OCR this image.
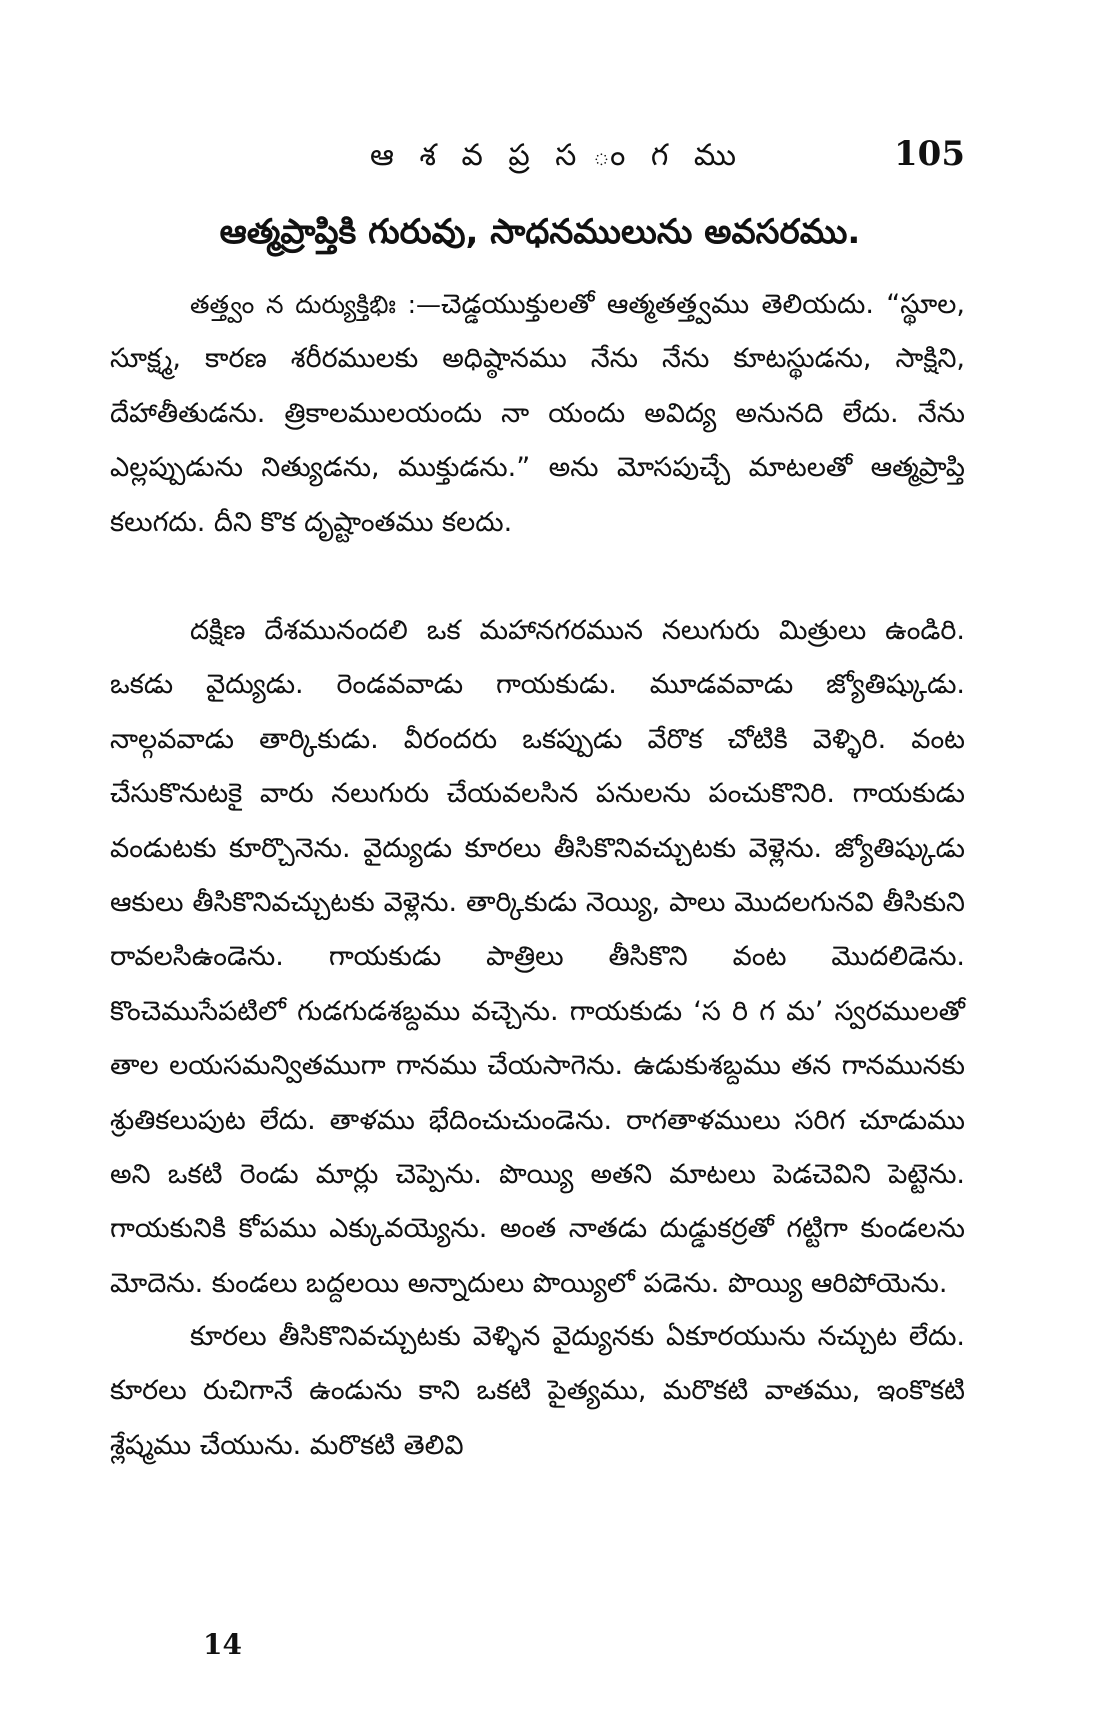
ఆ శ వ ప్ర స ం గ ము	105
ఆత్మప్రాప్తికి గురువు, సాధనములును అవసరము.

తత్త్వం న దుర్యుక్తిభిః :—చెడ్డయుక్తులతో ఆత్మతత్త్వము తెలియదు. “స్థూల, సూక్ష్మ, కారణ శరీరములకు అధిష్ఠానము నేను నేను కూటస్థుడను, సాక్షిని, దేహాతీతుడను. త్రికాలములయందు నా యందు అవిద్య అనునది లేదు. నేను ఎల్లప్పుడును నిత్యుడను, ముక్తుడను.” అను మోసపుచ్చే మాటలతో ఆత్మప్రాప్తి కలుగదు. దీని కొక దృష్టాంతము కలదు.

దక్షిణ దేశమునందలి ఒక మహానగరమున నలుగురు మిత్రులు ఉండిరి. ఒకడు వైద్యుడు. రెండవవాడు గాయకుడు. మూడవవాడు జ్యోతిష్కుడు. నాల్గవవాడు తార్కికుడు. వీరందరు ఒకప్పుడు వేరొక చోటికి వెళ్ళిరి. వంట చేసుకొనుటకై వారు నలుగురు చేయవలసిన పనులను పంచుకొనిరి. గాయకుడు వండుటకు కూర్చొనెను. వైద్యుడు కూరలు తీసికొనివచ్చుటకు వెళ్లెను. జ్యోతిష్కుడు ఆకులు తీసికొనివచ్చుటకు వెళ్లెను. తార్కికుడు నెయ్యి, పాలు మొదలగునవి తీసికుని రావలసిఉండెను. గాయకుడు పాత్రిలు తీసికొని వంట మొదలిడెను. కొంచెముసేపటిలో గుడగుడశబ్దము వచ్చెను. గాయకుడు ‘స రి గ మ’ స్వరములతో తాల లయసమన్వితముగా గానము చేయసాగెను. ఉడుకుశబ్దము తన గానమునకు శ్రుతికలుపుట లేదు. తాళము భేదించుచుండెను. రాగతాళములు సరిగ చూడుము అని ఒకటి రెండు మార్లు చెప్పెను. పొయ్యి అతని మాటలు పెడచెవిని పెట్టెను. గాయకునికి కోపము ఎక్కువయ్యెను. అంత నాతడు దుడ్డుకర్రతో గట్టిగా కుండలను మోదెను. కుండలు బద్దలయి అన్నాదులు పొయ్యిలో పడెను. పొయ్యి ఆరిపోయెను.

కూరలు తీసికొనివచ్చుటకు వెళ్ళిన వైద్యునకు ఏకూరయును నచ్చుట లేదు. కూరలు రుచిగానే ఉండును కాని ఒకటి పైత్యము, మరొకటి వాతము, ఇంకొకటి శ్లేష్మము చేయును. మరొకటి తెలివి

14
